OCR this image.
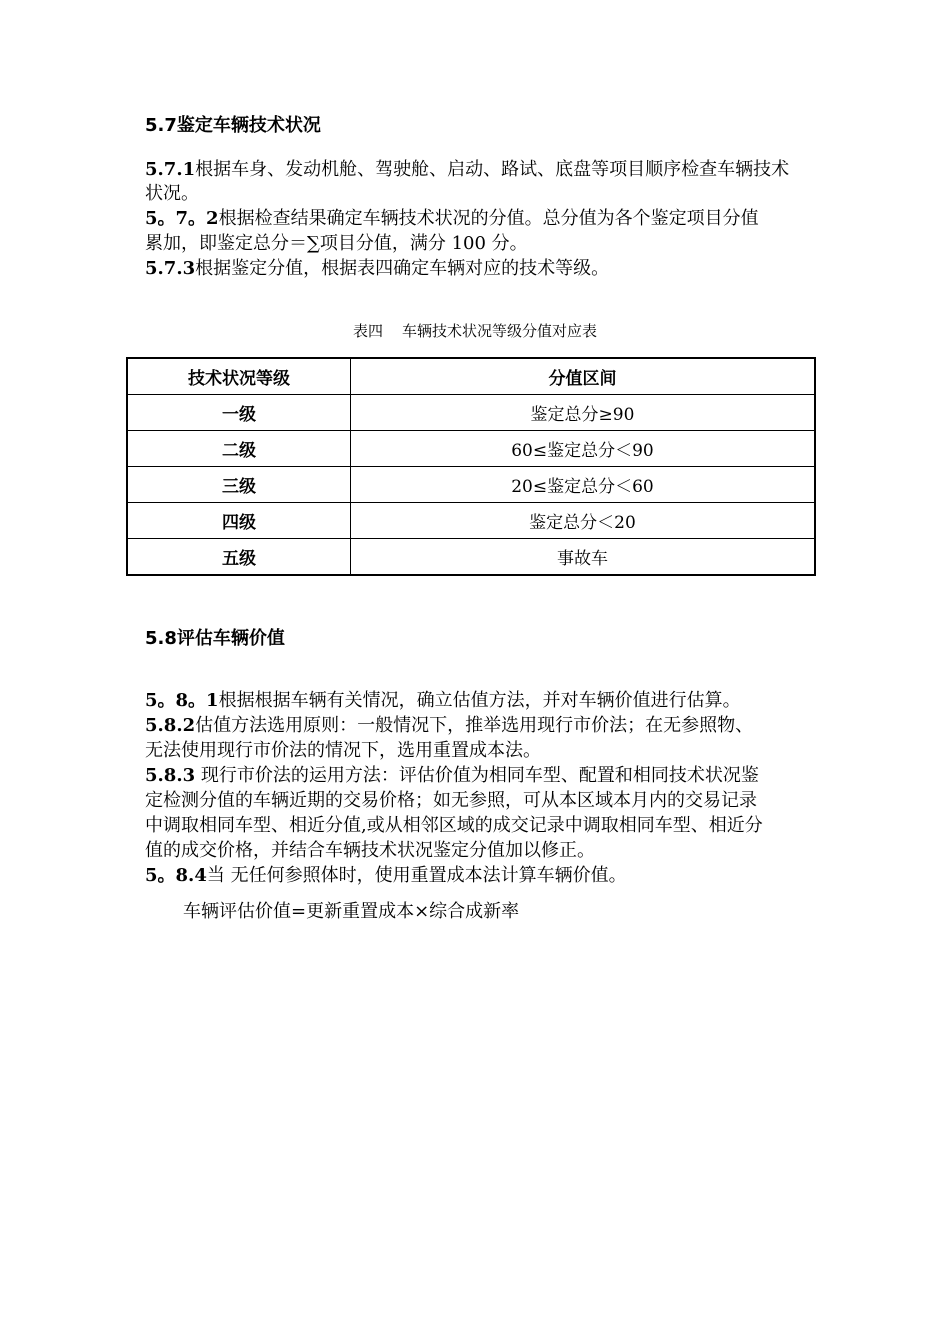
5.7鉴定车辆技术状况
5.7.1根据车身、发动机舱、驾驶舱、启动、路试、底盘等项目顺序检查车辆技术
状况。
5。7。2根据检查结果确定车辆技术状况的分值。总分值为各个鉴定项目分值
累加，即鉴定总分＝∑项目分值，满分 100 分。
5.7.3根据鉴定分值，根据表四确定车辆对应的技术等级。
表四    车辆技术状况等级分值对应表
技术状况等级	分值区间
一级	鉴定总分≥90
二级	60≤鉴定总分＜90
三级	20≤鉴定总分＜60
四级	鉴定总分＜20
五级	事故车
5.8评估车辆价值
5。8。1根据根据车辆有关情况，确立估值方法，并对车辆价值进行估算。
5.8.2估值方法选用原则：一般情况下，推举选用现行市价法；在无参照物、
无法使用现行市价法的情况下，选用重置成本法。
5.8.3 现行市价法的运用方法：评估价值为相同车型、配置和相同技术状况鉴
定检测分值的车辆近期的交易价格；如无参照，可从本区域本月内的交易记录
中调取相同车型、相近分值,或从相邻区域的成交记录中调取相同车型、相近分
值的成交价格，并结合车辆技术状况鉴定分值加以修正。
5。8.4当 无任何参照体时，使用重置成本法计算车辆价值。
车辆评估价值=更新重置成本×综合成新率
